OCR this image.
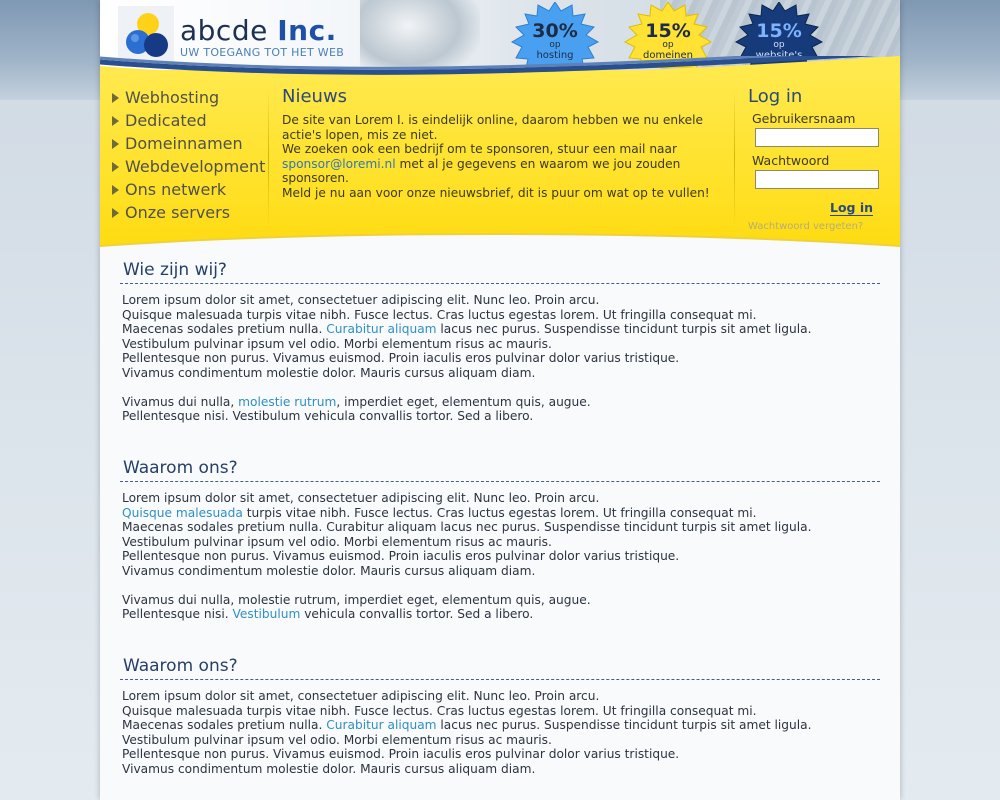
abcde Inc.
UW TOEGANG TOT HET WEB
30%
op
hosting
15%
op
domeinen
15%
op
website's
Webhosting
Dedicated
Domeinnamen
Webdevelopment
Ons netwerk
Onze servers
Nieuws

De site van Lorem I. is eindelijk online, daarom hebben we nu enkele actie's lopen, mis ze niet.
We zoeken ook een bedrijf om te sponsoren, stuur een mail naar
sponsor@loremi.nl met al je gegevens en waarom we jou zouden sponsoren.
Meld je nu aan voor onze nieuwsbrief, dit is puur om wat op te vullen!

Log in
Gebruikersnaam
Wachtwoord
Log in
Wachtwoord vergeten?
Wie zijn wij?

Lorem ipsum dolor sit amet, consectetuer adipiscing elit. Nunc leo. Proin arcu.
Quisque malesuada turpis vitae nibh. Fusce lectus. Cras luctus egestas lorem. Ut fringilla consequat mi.
Maecenas sodales pretium nulla. Curabitur aliquam lacus nec purus. Suspendisse tincidunt turpis sit amet ligula.
Vestibulum pulvinar ipsum vel odio. Morbi elementum risus ac mauris.
Pellentesque non purus. Vivamus euismod. Proin iaculis eros pulvinar dolor varius tristique.
Vivamus condimentum molestie dolor. Mauris cursus aliquam diam.

Vivamus dui nulla, molestie rutrum, imperdiet eget, elementum quis, augue.
Pellentesque nisi. Vestibulum vehicula convallis tortor. Sed a libero.

Waarom ons?

Lorem ipsum dolor sit amet, consectetuer adipiscing elit. Nunc leo. Proin arcu.
Quisque malesuada turpis vitae nibh. Fusce lectus. Cras luctus egestas lorem. Ut fringilla consequat mi.
Maecenas sodales pretium nulla. Curabitur aliquam lacus nec purus. Suspendisse tincidunt turpis sit amet ligula.
Vestibulum pulvinar ipsum vel odio. Morbi elementum risus ac mauris.
Pellentesque non purus. Vivamus euismod. Proin iaculis eros pulvinar dolor varius tristique.
Vivamus condimentum molestie dolor. Mauris cursus aliquam diam.

Vivamus dui nulla, molestie rutrum, imperdiet eget, elementum quis, augue.
Pellentesque nisi. Vestibulum vehicula convallis tortor. Sed a libero.

Waarom ons?

Lorem ipsum dolor sit amet, consectetuer adipiscing elit. Nunc leo. Proin arcu.
Quisque malesuada turpis vitae nibh. Fusce lectus. Cras luctus egestas lorem. Ut fringilla consequat mi.
Maecenas sodales pretium nulla. Curabitur aliquam lacus nec purus. Suspendisse tincidunt turpis sit amet ligula.
Vestibulum pulvinar ipsum vel odio. Morbi elementum risus ac mauris.
Pellentesque non purus. Vivamus euismod. Proin iaculis eros pulvinar dolor varius tristique.
Vivamus condimentum molestie dolor. Mauris cursus aliquam diam.
